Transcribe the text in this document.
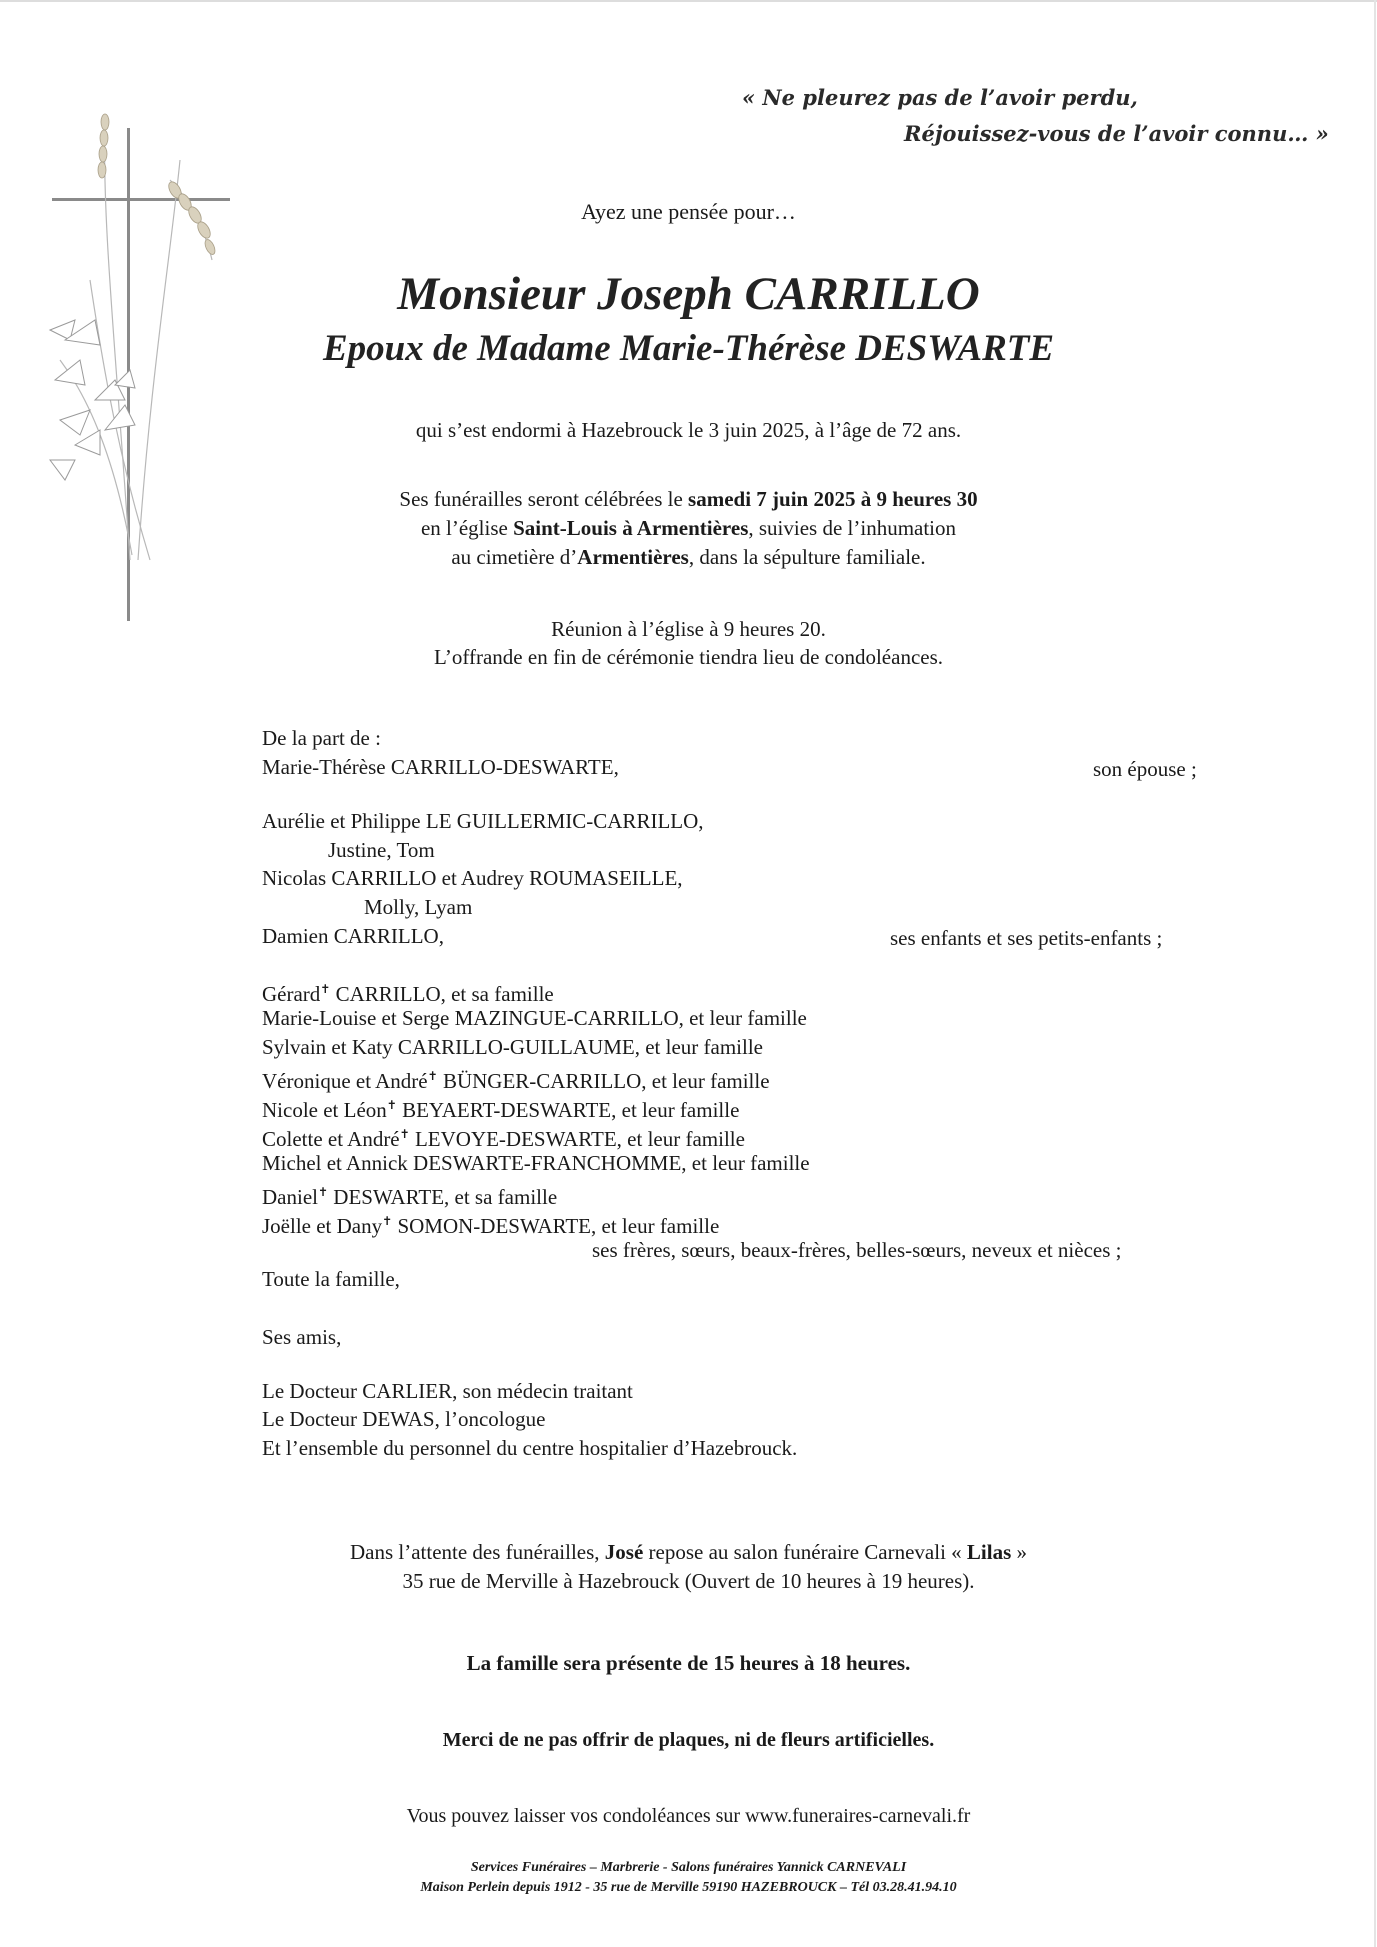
« Ne pleurez pas de l’avoir perdu,
Réjouissez-vous de l’avoir connu… »
Ayez une pensée pour…
Monsieur Joseph CARRILLO
Epoux de Madame Marie-Thérèse DESWARTE
qui s’est endormi à Hazebrouck le 3 juin 2025, à l’âge de 72 ans.
Ses funérailles seront célébrées le samedi 7 juin 2025 à 9 heures 30
en l’église Saint-Louis à Armentières, suivies de l’inhumation
au cimetière d’Armentières, dans la sépulture familiale.
Réunion à l’église à 9 heures 20.
L’offrande en fin de cérémonie tiendra lieu de condoléances.
De la part de :
Marie-Thérèse CARRILLO-DESWARTE,	son épouse ;
Aurélie et Philippe LE GUILLERMIC-CARRILLO,
Justine, Tom
Nicolas CARRILLO et Audrey ROUMASEILLE,
Molly, Lyam
Damien CARRILLO,	ses enfants et ses petits-enfants ;
Gérard✝ CARRILLO, et sa famille
Marie-Louise et Serge MAZINGUE-CARRILLO, et leur famille
Sylvain et Katy CARRILLO-GUILLAUME, et leur famille
Véronique et André✝ BÜNGER-CARRILLO, et leur famille
Nicole et Léon✝ BEYAERT-DESWARTE, et leur famille
Colette et André✝ LEVOYE-DESWARTE, et leur famille
Michel et Annick DESWARTE-FRANCHOMME, et leur famille
Daniel✝ DESWARTE, et sa famille
Joëlle et Dany✝ SOMON-DESWARTE, et leur famille
ses frères, sœurs, beaux-frères, belles-sœurs, neveux et nièces ;
Toute la famille,
Ses amis,
Le Docteur CARLIER, son médecin traitant
Le Docteur DEWAS, l’oncologue
Et l’ensemble du personnel du centre hospitalier d’Hazebrouck.
Dans l’attente des funérailles, José repose au salon funéraire Carnevali « Lilas »
35 rue de Merville à Hazebrouck (Ouvert de 10 heures à 19 heures).
La famille sera présente de 15 heures à 18 heures.
Merci de ne pas offrir de plaques, ni de fleurs artificielles.
Vous pouvez laisser vos condoléances sur www.funeraires-carnevali.fr
Services Funéraires – Marbrerie - Salons funéraires Yannick CARNEVALI
Maison Perlein depuis 1912 - 35 rue de Merville 59190 HAZEBROUCK – Tél 03.28.41.94.10
